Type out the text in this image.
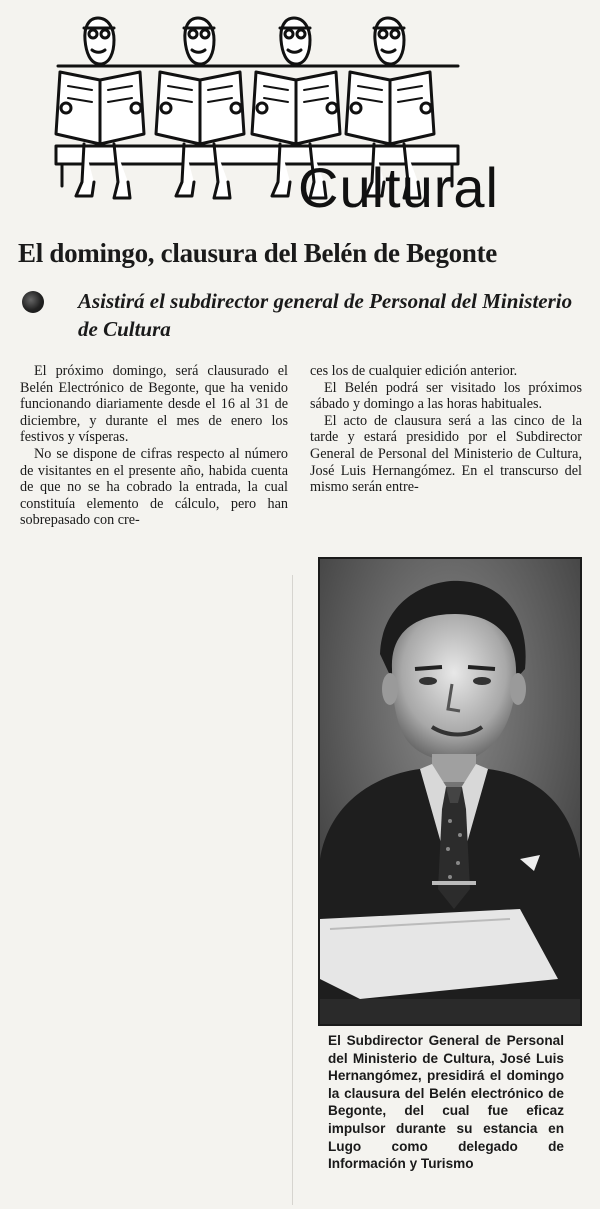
Cultural
El domingo, clausura del Belén de Begonte
Asistirá el subdirector general de Personal del Ministerio de Cultura

El próximo domingo, será clausurado el Belén Electrónico de Begonte, que ha venido funcionando diariamente desde el 16 al 31 de diciembre, y durante el mes de enero los festivos y vísperas.

No se dispone de cifras respecto al número de visitantes en el presente año, habida cuenta de que no se ha cobrado la entrada, la cual constituía elemento de cálculo, pero han sobrepasado con cre-

ces los de cualquier edición anterior.

El Belén podrá ser visitado los próximos sábado y domingo a las horas habituales.

El acto de clausura será a las cinco de la tarde y estará presidido por el Subdirector General de Personal del Ministerio de Cultura, José Luis Hernangómez. En el transcurso del mismo serán entre-

El Subdirector General de Personal del Ministerio de Cultura, José Luis Hernangómez, presidirá el domingo la clausura del Belén electrónico de Begonte, del cual fue eficaz impulsor durante su estancia en Lugo como delegado de Información y Turismo
